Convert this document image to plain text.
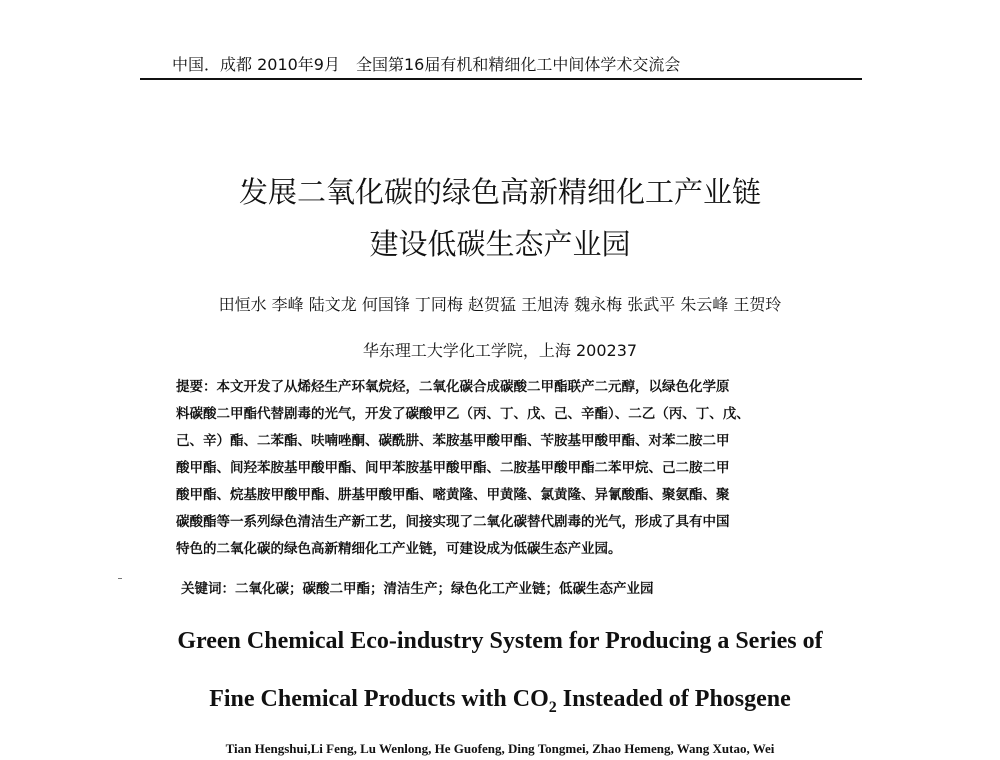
中国．成都 2010年9月　全国第16届有机和精细化工中间体学术交流会
发展二氧化碳的绿色高新精细化工产业链
建设低碳生态产业园
田恒水 李峰 陆文龙 何国锋 丁同梅 赵贺猛 王旭涛 魏永梅 张武平 朱云峰 王贺玲
华东理工大学化工学院，上海 200237
提要：本文开发了从烯烃生产环氧烷烃，二氧化碳合成碳酸二甲酯联产二元醇，以绿色化学原
料碳酸二甲酯代替剧毒的光气，开发了碳酸甲乙（丙、丁、戊、己、辛酯）、二乙（丙、丁、戊、
己、辛）酯、二苯酯、呋喃唑酮、碳酰肼、苯胺基甲酸甲酯、苄胺基甲酸甲酯、对苯二胺二甲
酸甲酯、间羟苯胺基甲酸甲酯、间甲苯胺基甲酸甲酯、二胺基甲酸甲酯二苯甲烷、己二胺二甲
酸甲酯、烷基胺甲酸甲酯、肼基甲酸甲酯、嘧黄隆、甲黄隆、氯黄隆、异氰酸酯、聚氨酯、聚
碳酸酯等一系列绿色清洁生产新工艺，间接实现了二氧化碳替代剧毒的光气，形成了具有中国
特色的二氧化碳的绿色高新精细化工产业链，可建设成为低碳生态产业园。
关键词：二氧化碳；碳酸二甲酯；清洁生产；绿色化工产业链；低碳生态产业园
Green Chemical Eco-industry System for Producing a Series of
Fine Chemical Products with $CO_2$ Insteaded of Phosgene
Tian Hengshui,Li Feng, Lu Wenlong, He Guofeng, Ding Tongmei, Zhao Hemeng, Wang Xutao, Wei
